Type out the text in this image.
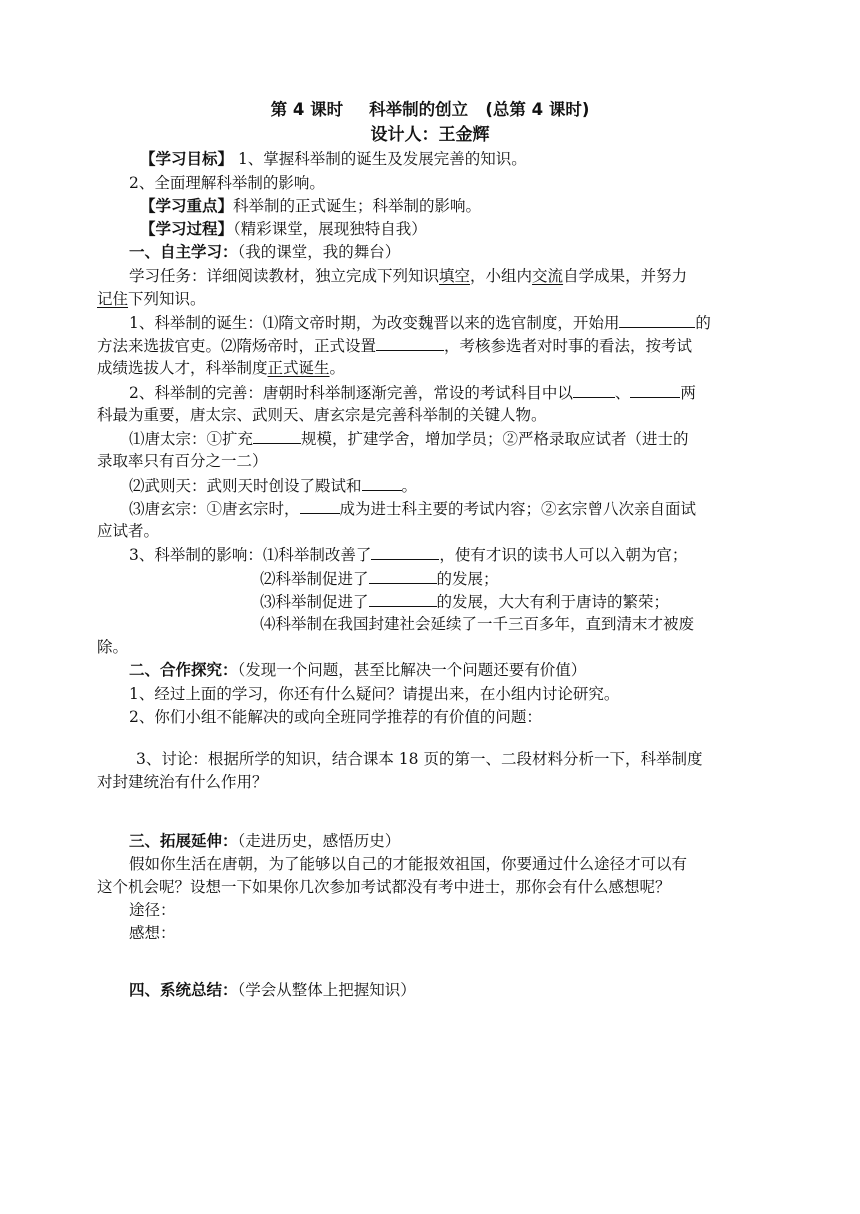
第 4 课时 科举制的创立 (总第 4 课时)
设计人：王金辉
【学习目标】 1、掌握科举制的诞生及发展完善的知识。
2、全面理解科举制的影响。
【学习重点】科举制的正式诞生；科举制的影响。
【学习过程】（精彩课堂，展现独特自我）
一、自主学习：（我的课堂，我的舞台）
学习任务：详细阅读教材，独立完成下列知识填空，小组内交流自学成果，并努力
记住下列知识。
1、科举制的诞生：⑴隋文帝时期，为改变魏晋以来的选官制度，开始用	的
方法来选拔官吏。⑵隋炀帝时，正式设置	，考核参选者对时事的看法，按考试
成绩选拔人才，科举制度正式诞生。
2、科举制的完善：唐朝时科举制逐渐完善，常设的考试科目中以	、	两
科最为重要，唐太宗、武则天、唐玄宗是完善科举制的关键人物。
⑴唐太宗：①扩充	规模，扩建学舍，增加学员；②严格录取应试者（进士的
录取率只有百分之一二）
⑵武则天：武则天时创设了殿试和	。
⑶唐玄宗：①唐玄宗时，	成为进士科主要的考试内容；②玄宗曾八次亲自面试
应试者。
3、科举制的影响：⑴科举制改善了	，使有才识的读书人可以入朝为官；
⑵科举制促进了	的发展；
⑶科举制促进了	的发展，大大有利于唐诗的繁荣；
⑷科举制在我国封建社会延续了一千三百多年，直到清末才被废
除。
二、合作探究：（发现一个问题，甚至比解决一个问题还要有价值）
1、经过上面的学习，你还有什么疑问？请提出来，在小组内讨论研究。
2、你们小组不能解决的或向全班同学推荐的有价值的问题：
3、讨论：根据所学的知识，结合课本 18 页的第一、二段材料分析一下，科举制度
对封建统治有什么作用？
三、拓展延伸：（走进历史，感悟历史）
假如你生活在唐朝，为了能够以自己的才能报效祖国，你要通过什么途径才可以有
这个机会呢？设想一下如果你几次参加考试都没有考中进士，那你会有什么感想呢？
途径：
感想：
四、系统总结：（学会从整体上把握知识）
